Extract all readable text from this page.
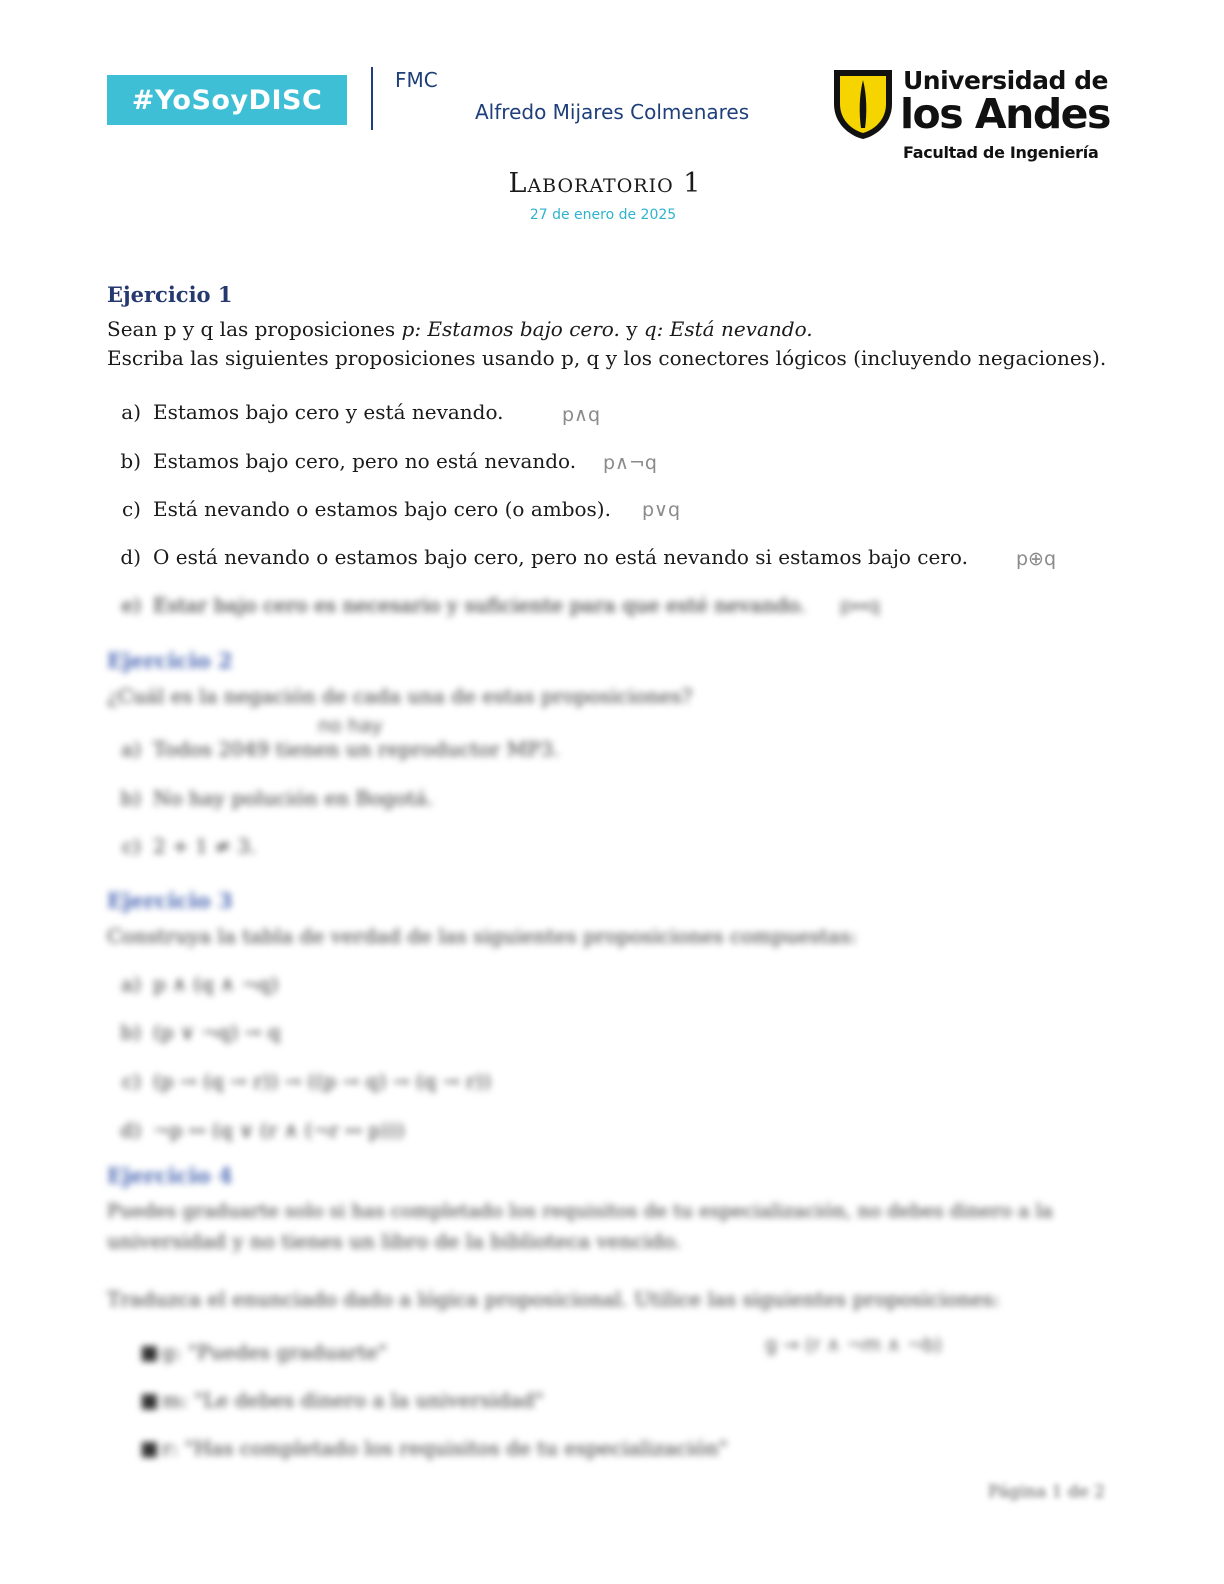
#YoSoyDISC
FMC
Alfredo Mijares Colmenares
Universidad de
los Andes
Facultad de Ingeniería
Laboratorio 1
27 de enero de 2025
Ejercicio 1
Sean p y q las proposiciones p: Estamos bajo cero. y q: Está nevando.
Escriba las siguientes proposiciones usando p, q y los conectores lógicos (incluyendo negaciones).
a) Estamos bajo cero y está nevando.	p∧q
b) Estamos bajo cero, pero no está nevando. p∧¬q
c) Está nevando o estamos bajo cero (o ambos). p∨q
d) O está nevando o estamos bajo cero, pero no está nevando si estamos bajo cero.	p⊕q
e) Estar bajo cero es necesario y suficiente para que esté nevando. p↔q
Ejercicio 2
¿Cuál es la negación de cada una de estas proposiciones?
no hay
a) Todos 2049 tienen un reproductor MP3.
b) No hay polución en Bogotá.
c) 2 + 1 ≠ 3.
Ejercicio 3
Construya la tabla de verdad de las siguientes proposiciones compuestas:
a) p ∧ (q ∧ ¬q)
b) (p ∨ ¬q) → q
c) (p → (q → r)) → ((p → q) → (q → r))
d) ¬p ↔ (q ∨ (r ∧ (¬r ↔ p)))
Ejercicio 4
Puedes graduarte solo si has completado los requisitos de tu especialización, no debes dinero a la
universidad y no tienes un libro de la biblioteca vencido.
Traduzca el enunciado dado a lógica proposicional. Utilice las siguientes proposiciones:
g → (r ∧ ¬m ∧ ¬b)
■ g: "Puedes graduarte"
■ m: "Le debes dinero a la universidad"
■ r: "Has completado los requisitos de tu especialización"
Página 1 de 2
